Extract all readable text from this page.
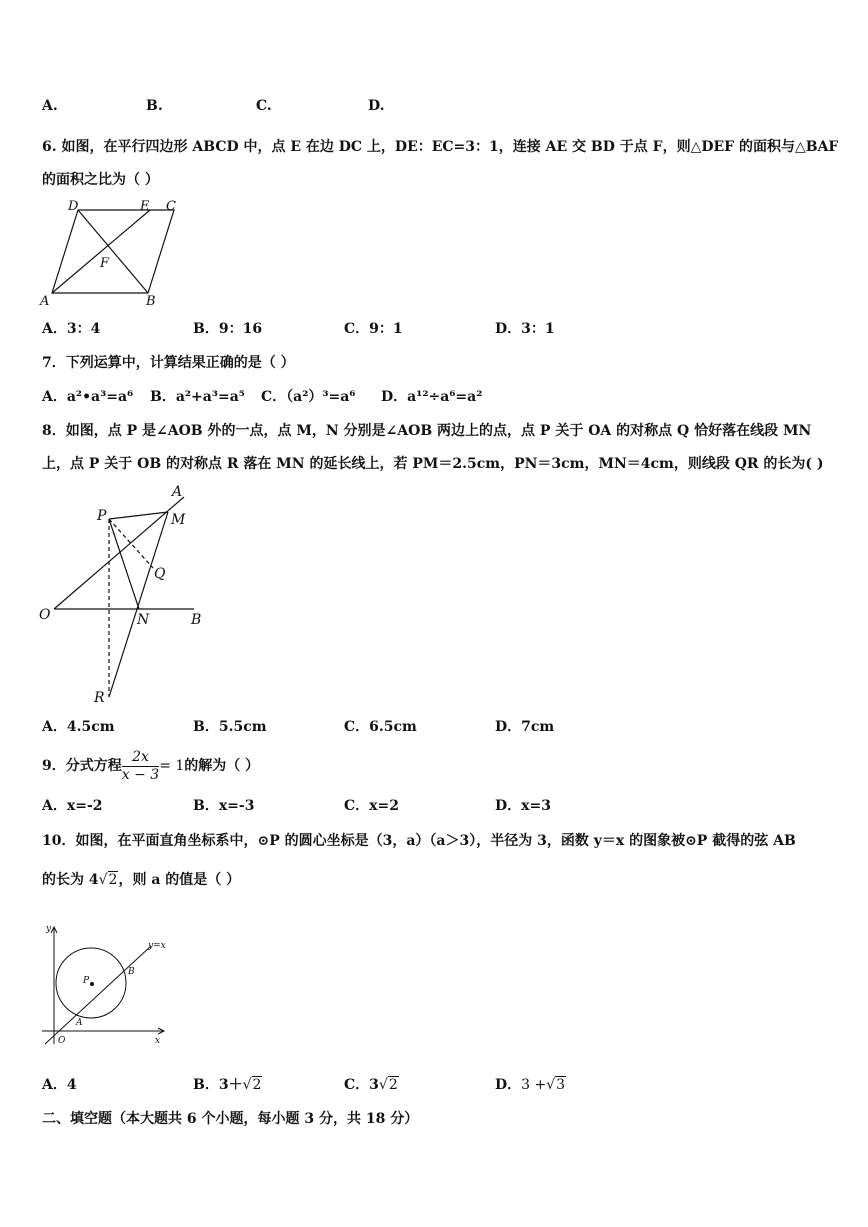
A.	B.	C.	D.
6. 如图，在平行四边形 ABCD 中，点 E 在边 DC 上，DE：EC=3：1，连接 AE 交 BD 于点 F，则△DEF 的面积与△BAF
的面积之比为（ ）
D	E C
F
A	B
A．3：4	B．9：16	C．9：1	D．3：1
7．下列运算中，计算结果正确的是（ ）
A．a²•a³=a⁶ B．a²+a³=a⁵ C．（a²）³=a⁶ D．a¹²÷a⁶=a²
8．如图，点 P 是∠AOB 外的一点，点 M，N 分别是∠AOB 两边上的点，点 P 关于 OA 的对称点 Q 恰好落在线段 MN
上，点 P 关于 OB 的对称点 R 落在 MN 的延长线上，若 PM＝2.5cm，PN＝3cm，MN＝4cm，则线段 QR 的长为( )
A
P	M
Q
O	N	B
R
A．4.5cm	B．5.5cm	C．6.5cm	D．7cm
9．分式方程 $\frac{2x}{x - 3} = 1$的解为（ ）
A．x=-2	B．x=-3	C．x=2	D．x=3
10．如图，在平面直角坐标系中，⊙P 的圆心坐标是（3，a）（a＞3），半径为 3，函数 y＝x 的图象被⊙P 截得的弦 AB
的长为 4√2，则 a 的值是（ ）
y
y=x
P
B
A
O	x
A．4	B．3＋√2	C．3√2	D．3 +√3
二、填空题（本大题共 6 个小题，每小题 3 分，共 18 分）
